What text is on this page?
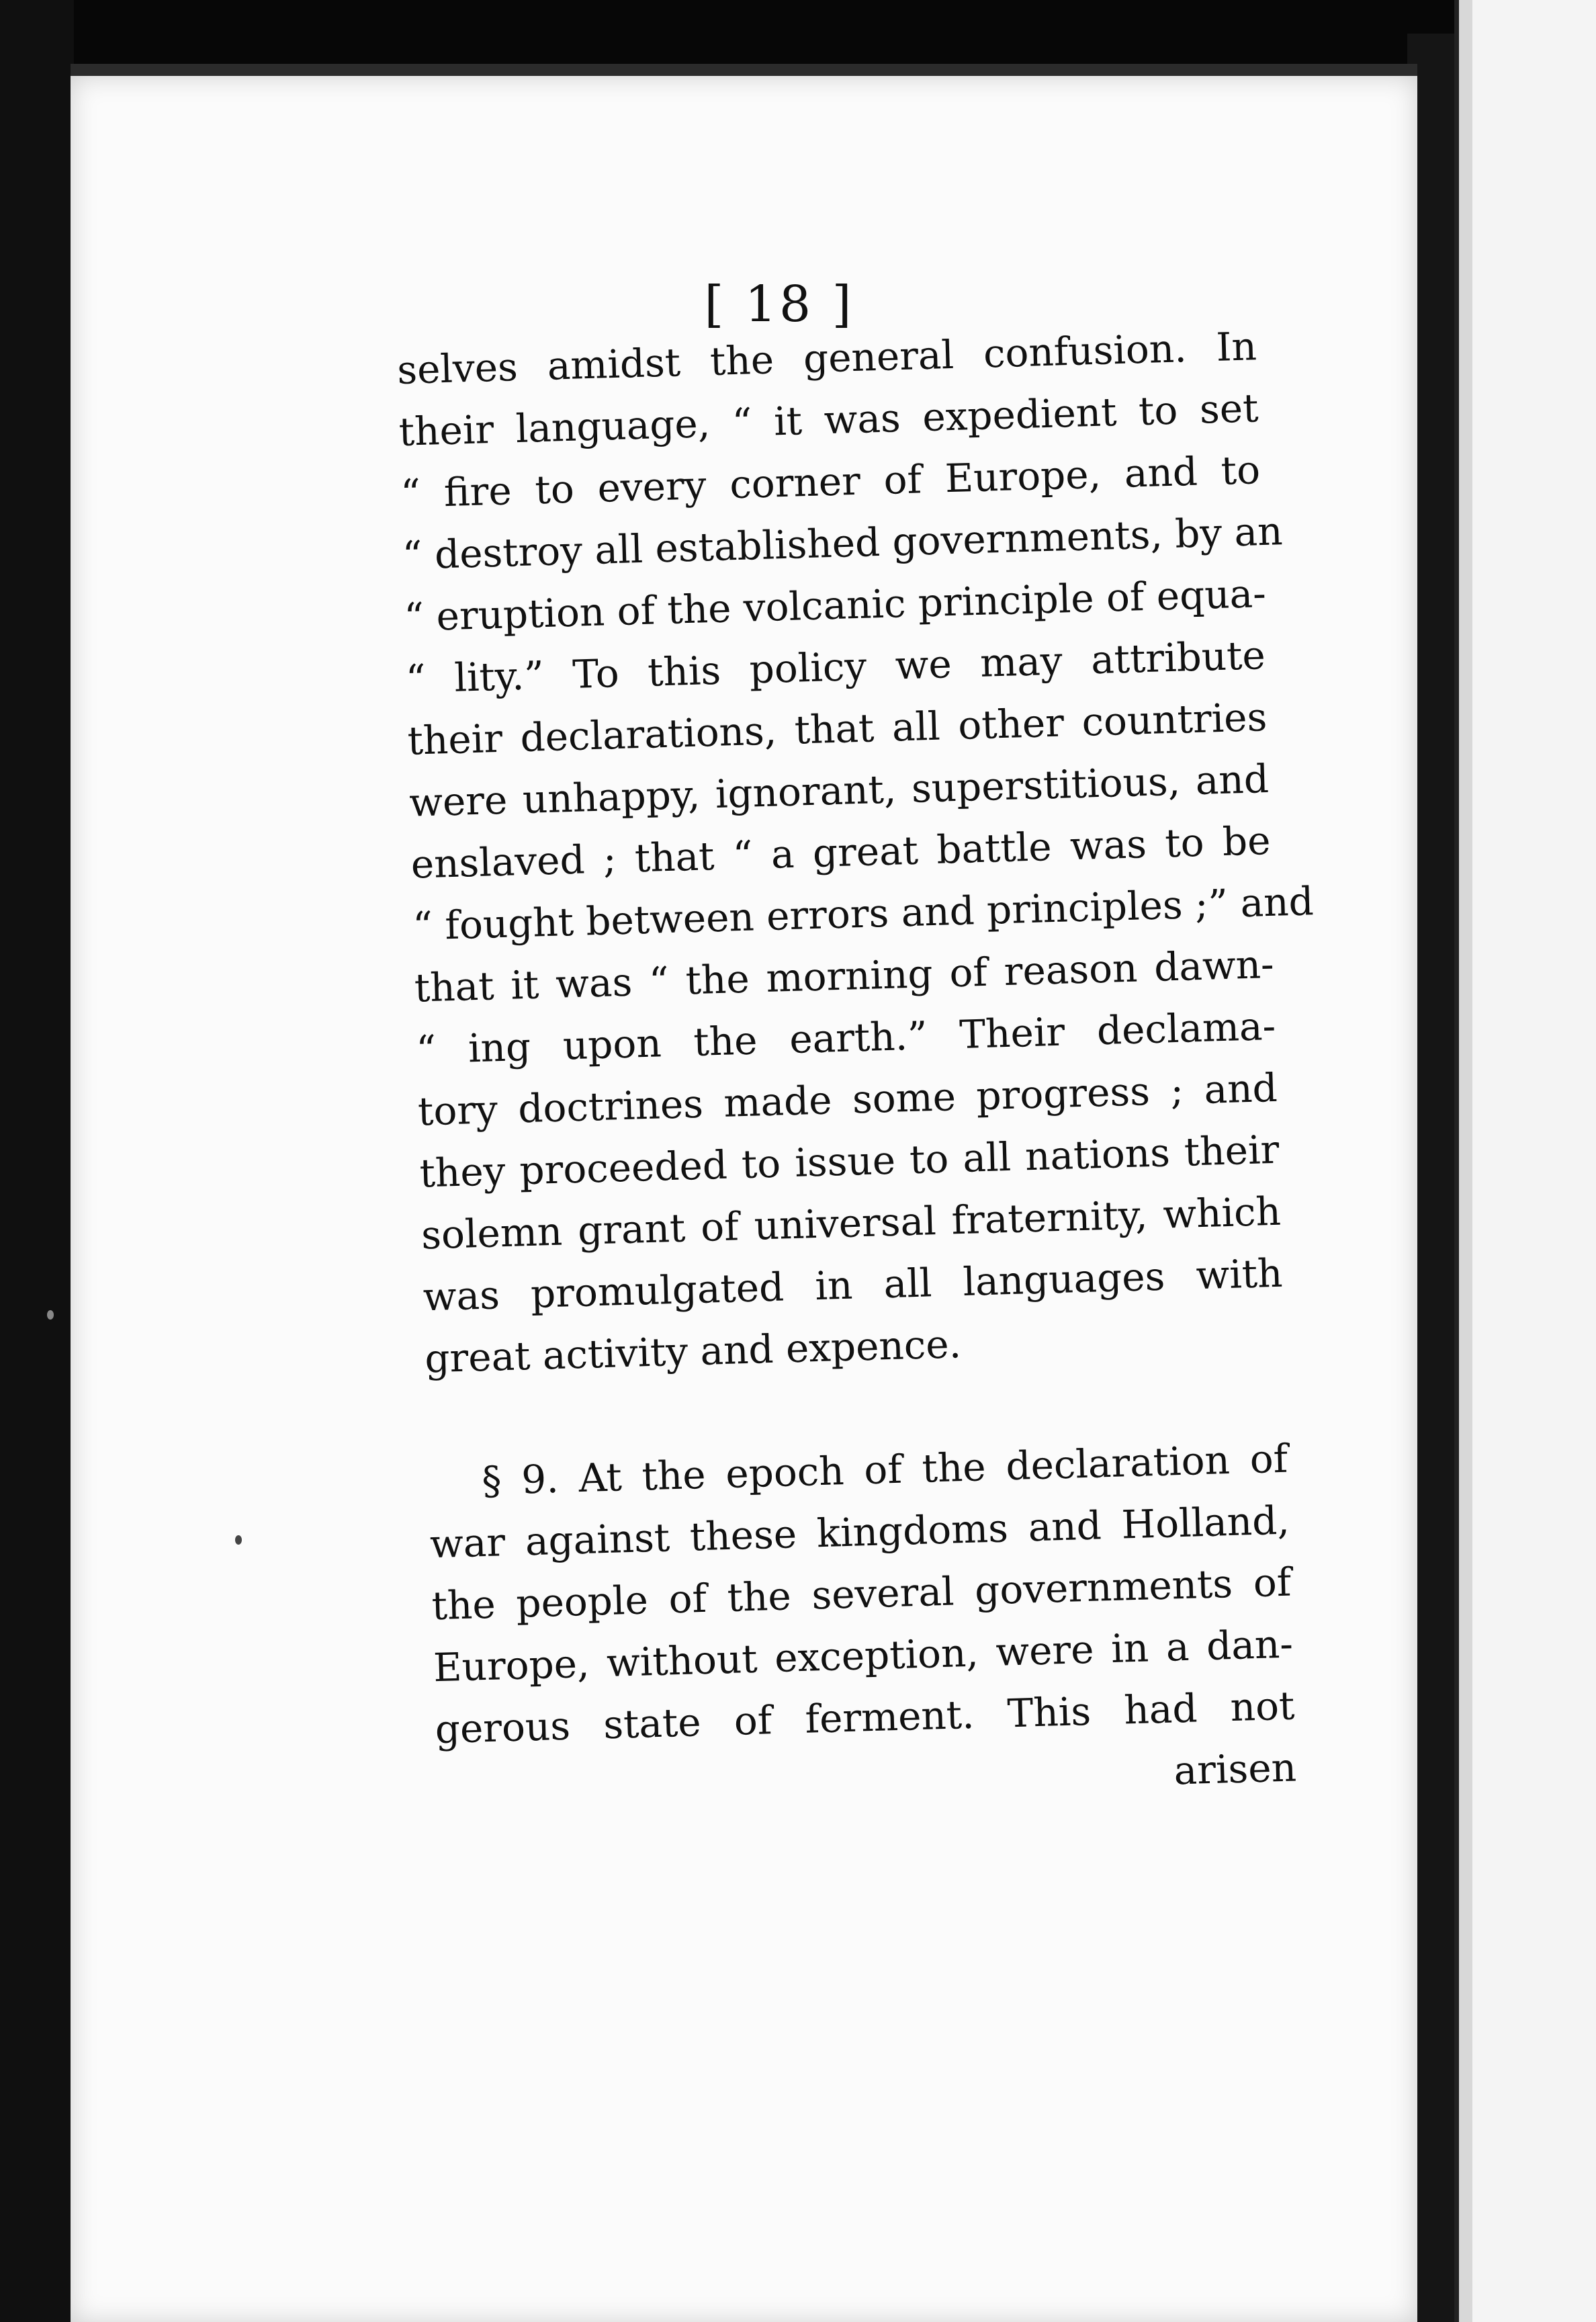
[ 18 ]
selves amidst the general confusion. In
their language, “ it was expedient to set
“ fire to every corner of Europe, and to
“ destroy all established governments, by an
“ eruption of the volcanic principle of equa-
“ lity.” To this policy we may attribute
their declarations, that all other countries
were unhappy, ignorant, superstitious, and
enslaved ; that “ a great battle was to be
“ fought between errors and principles ;” and
that it was “ the morning of reason dawn-
“ ing upon the earth.” Their declama-
tory doctrines made some progress ; and
they proceeded to issue to all nations their
solemn grant of universal fraternity, which
was promulgated in all languages with
great activity and expence.
§ 9. At the epoch of the declaration of
war against these kingdoms and Holland,
the people of the several governments of
Europe, without exception, were in a dan-
gerous state of ferment. This had not
arisen
